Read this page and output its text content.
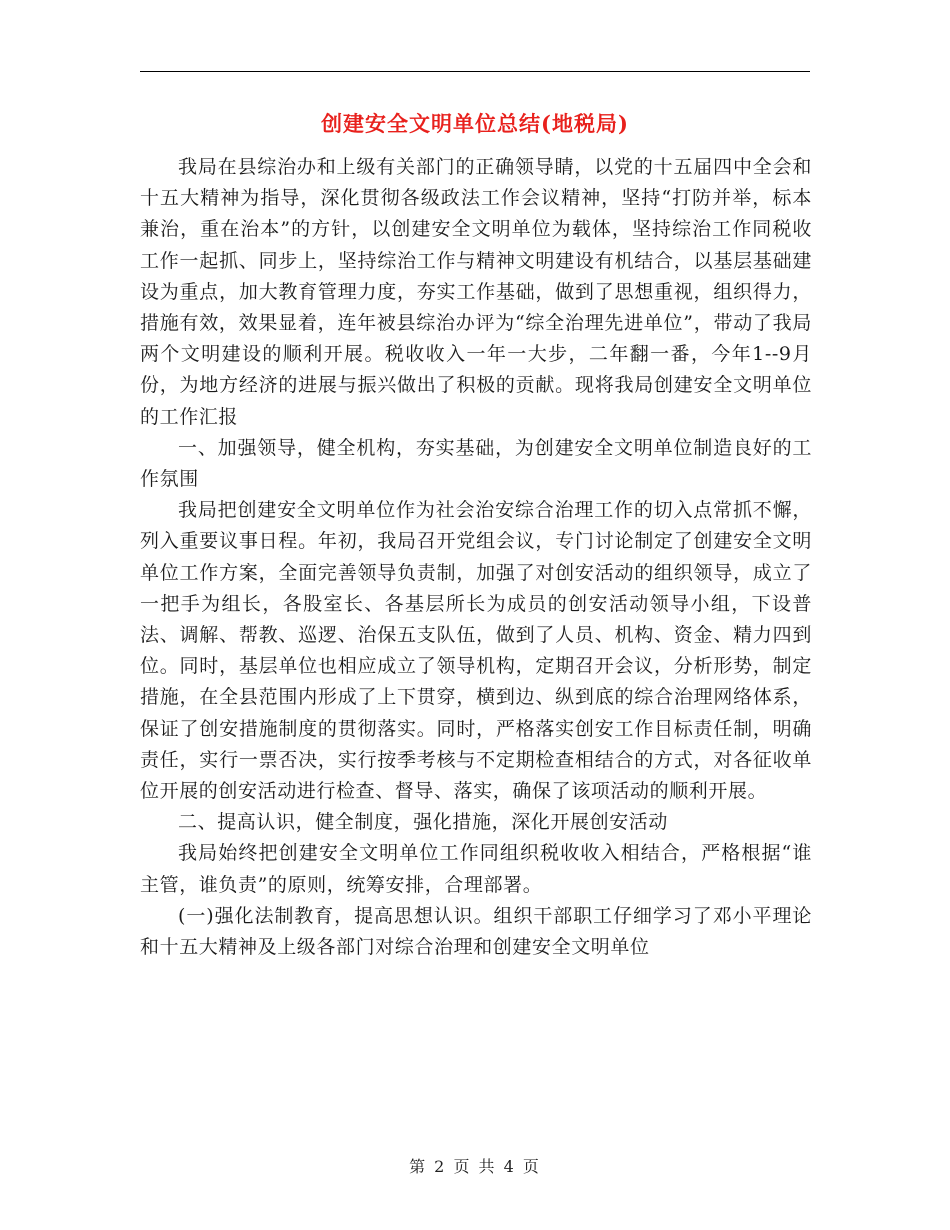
创建安全文明单位总结(地税局)

我局在县综治办和上级有关部门的正确领导睛，以党的十五届四中全会和十五大精神为指导，深化贯彻各级政法工作会议精神，坚持“打防并举，标本兼治，重在治本”的方针，以创建安全文明单位为载体，坚持综治工作同税收工作一起抓、同步上，坚持综治工作与精神文明建设有机结合，以基层基础建设为重点，加大教育管理力度，夯实工作基础，做到了思想重视，组织得力，措施有效，效果显着，连年被县综治办评为“综全治理先进单位”，带动了我局两个文明建设的顺利开展。税收收入一年一大步，二年翻一番，今年1--9月份，为地方经济的进展与振兴做出了积极的贡献。现将我局创建安全文明单位的工作汇报

一、加强领导，健全机构，夯实基础，为创建安全文明单位制造良好的工作氛围

我局把创建安全文明单位作为社会治安综合治理工作的切入点常抓不懈，列入重要议事日程。年初，我局召开党组会议，专门讨论制定了创建安全文明单位工作方案，全面完善领导负责制，加强了对创安活动的组织领导，成立了一把手为组长，各股室长、各基层所长为成员的创安活动领导小组，下设普法、调解、帮教、巡逻、治保五支队伍，做到了人员、机构、资金、精力四到位。同时，基层单位也相应成立了领导机构，定期召开会议，分析形势，制定措施，在全县范围内形成了上下贯穿，横到边、纵到底的综合治理网络体系，保证了创安措施制度的贯彻落实。同时，严格落实创安工作目标责任制，明确责任，实行一票否决，实行按季考核与不定期检查相结合的方式，对各征收单位开展的创安活动进行检查、督导、落实，确保了该项活动的顺利开展。

二、提高认识，健全制度，强化措施，深化开展创安活动

我局始终把创建安全文明单位工作同组织税收收入相结合，严格根据“谁主管，谁负责”的原则，统筹安排，合理部署。

(一)强化法制教育，提高思想认识。组织干部职工仔细学习了邓小平理论和十五大精神及上级各部门对综合治理和创建安全文明单位

第 2 页 共 4 页
